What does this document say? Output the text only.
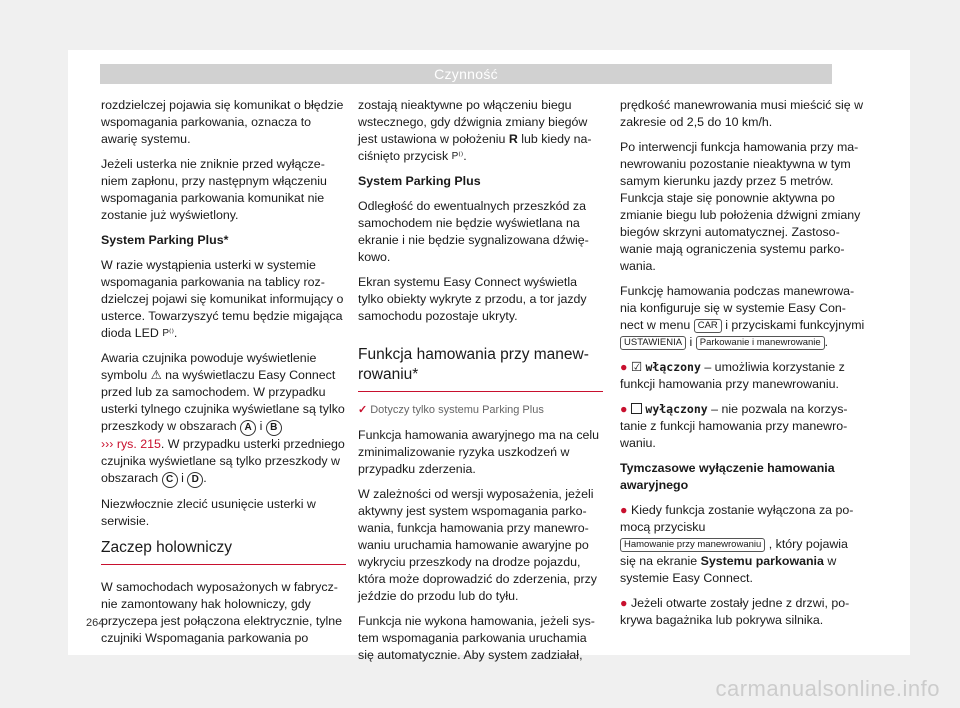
Czynność

rozdzielczej pojawia się komunikat o błędzie wspomagania parkowania, oznacza to awarię systemu.

Jeżeli usterka nie zniknie przed wyłączeniem zapłonu, przy następnym włączeniu wspomagania parkowania komunikat nie zostanie już wyświetlony.

System Parking Plus*

W razie wystąpienia usterki w systemie wspomagania parkowania na tablicy rozdzielczej pojawi się komunikat informujący o usterce. Towarzyszyć temu będzie migająca dioda LED P⁽⁾.

Awaria czujnika powoduje wyświetlenie symbolu ⚠ na wyświetlaczu Easy Connect przed lub za samochodem. W przypadku usterki tylnego czujnika wyświetlane są tylko przeszkody w obszarach A i B
››› rys. 215. W przypadku usterki przedniego czujnika wyświetlane są tylko przeszkody w obszarach C i D .

Niezwłocznie zlecić usunięcie usterki w serwisie.

Zaczep holowniczy

W samochodach wyposażonych w fabrycznie zamontowany hak holowniczy, gdy przyczepa jest połączona elektrycznie, tylne czujniki Wspomagania parkowania po

zostają nieaktywne po włączeniu biegu wstecznego, gdy dźwignia zmiany biegów jest ustawiona w położeniu R lub kiedy naciśnięto przycisk P⁽⁾.

System Parking Plus

Odległość do ewentualnych przeszkód za samochodem nie będzie wyświetlana na ekranie i nie będzie sygnalizowana dźwiękowo.

Ekran systemu Easy Connect wyświetla tylko obiekty wykryte z przodu, a tor jazdy samochodu pozostaje ukryty.

Funkcja hamowania przy manewrowaniu*

✓ Dotyczy tylko systemu Parking Plus

Funkcja hamowania awaryjnego ma na celu zminimalizowanie ryzyka uszkodzeń w przypadku zderzenia.

W zależności od wersji wyposażenia, jeżeli aktywny jest system wspomagania parkowania, funkcja hamowania przy manewrowaniu uruchamia hamowanie awaryjne po wykryciu przeszkody na drodze pojazdu, która może doprowadzić do zderzenia, przy jeździe do przodu lub do tyłu.

Funkcja nie wykona hamowania, jeżeli system wspomagania parkowania uruchamia się automatycznie. Aby system zadziałał,

prędkość manewrowania musi mieścić się w zakresie od 2,5 do 10 km/h.

Po interwencji funkcja hamowania przy manewrowaniu pozostanie nieaktywna w tym samym kierunku jazdy przez 5 metrów. Funkcja staje się ponownie aktywna po zmianie biegu lub położenia dźwigni zmiany biegów skrzyni automatycznej. Zastosowanie mają ograniczenia systemu parkowania.

Funkcję hamowania podczas manewrowania konfiguruje się w systemie Easy Connect w menu CAR i przyciskami funkcyjnymi
USTAWIENIA i Parkowanie i manewrowanie .

● ☑ włączony – umożliwia korzystanie z funkcji hamowania przy manewrowaniu.

● wyłączony – nie pozwala na korzystanie z funkcji hamowania przy manewrowaniu.

Tymczasowe wyłączenie hamowania awaryjnego

● Kiedy funkcja zostanie wyłączona za pomocą przycisku
Hamowanie przy manewrowaniu , który pojawia się na ekranie Systemu parkowania w systemie Easy Connect.

● Jeżeli otwarte zostały jedne z drzwi, pokrywa bagażnika lub pokrywa silnika.

264
carmanualsonline.info
